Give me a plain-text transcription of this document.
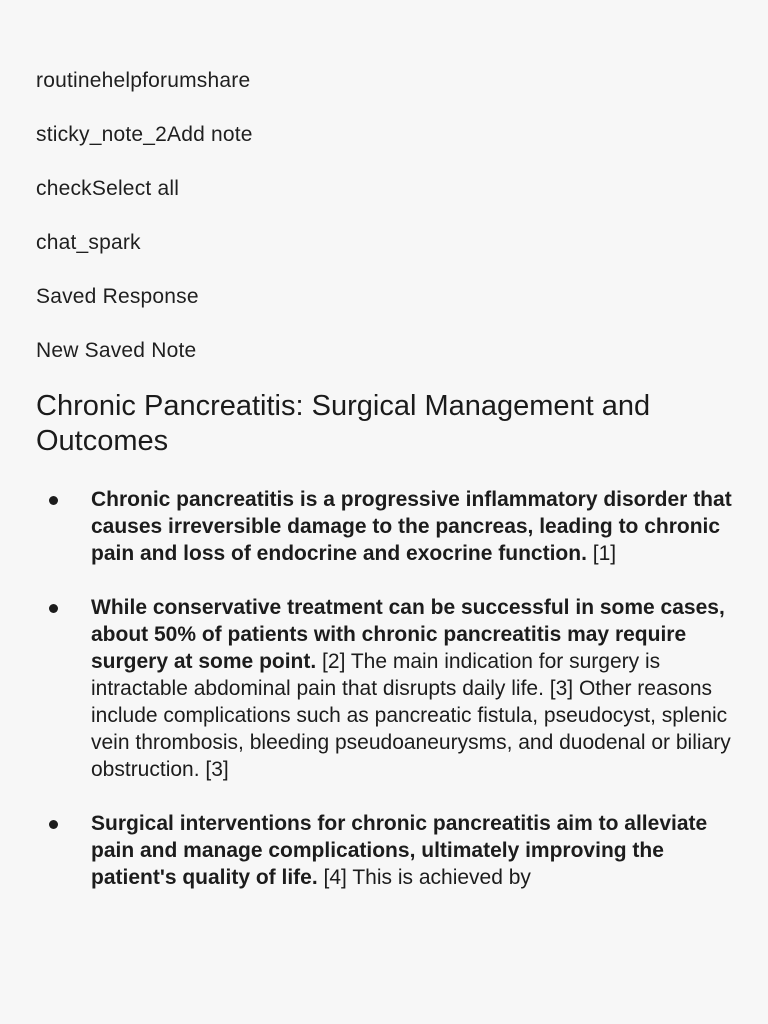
routinehelpforumshare
sticky_note_2Add note
checkSelect all
chat_spark
Saved Response
New Saved Note
Chronic Pancreatitis: Surgical Management and Outcomes
Chronic pancreatitis is a progressive inflammatory disorder that causes irreversible damage to the pancreas, leading to chronic pain and loss of endocrine and exocrine function. [1]
While conservative treatment can be successful in some cases, about 50% of patients with chronic pancreatitis may require surgery at some point. [2] The main indication for surgery is intractable abdominal pain that disrupts daily life. [3] Other reasons include complications such as pancreatic fistula, pseudocyst, splenic vein thrombosis, bleeding pseudoaneurysms, and duodenal or biliary obstruction. [3]
Surgical interventions for chronic pancreatitis aim to alleviate pain and manage complications, ultimately improving the patient's quality of life. [4] This is achieved by
